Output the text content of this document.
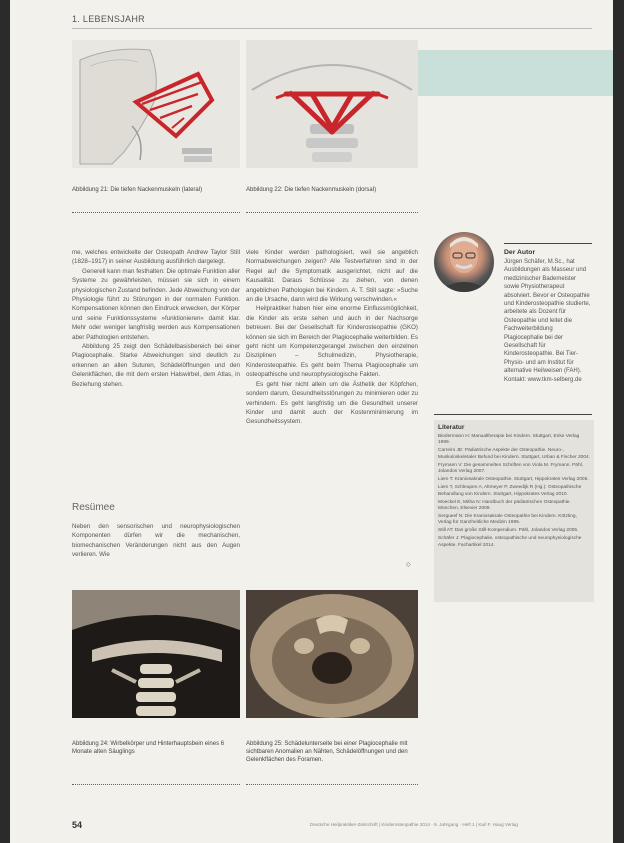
1. LEBENSJAHR
Abbildung 21: Die tiefen Nackenmuskeln (lateral)	Abbildung 22: Die tiefen Nackenmuskeln (dorsal)

me, welches entwickelte der Osteopath Andrew Taylor Still (1828–1917) in seiner Ausbildung ausführlich dargelegt.

Generell kann man festhalten: Die optimale Funktion aller Systeme zu gewährleisten, müssen sie sich in einem physiologischen Zustand befinden. Jede Abweichung von der Physiologie führt zu Störungen in der normalen Funktion. Kompensationen können den Eindruck erwecken, der Körper und seine Funktionssysteme »funktionieren« damit klar. Mehr oder weniger langfristig werden aus Kompensationen aber Pathologien entstehen.

Abbildung 25 zeigt den Schädelbasisbereich bei einer Plagiocephalie. Starke Abweichungen sind deutlich zu erkennen an allen Suturen, Schädelöffnungen und den Gelenkflächen, die mit dem ersten Halswirbel, dem Atlas, in Beziehung stehen.

Resümee
Neben den sensorischen und neurophysiologischen Komponenten dürfen wir die mechanischen, biomechanischen Veränderungen nicht aus den Augen verlieren. Wie

viele Kinder werden pathologisiert, weil sie angeblich Normabweichungen zeigen? Alle Testverfahren sind in der Regel auf die Symptomatik ausgerichtet, nicht auf die Kausalität. Daraus Schlüsse zu ziehen, von denen angeblichen Pathologien bei Kindern. A. T. Still sagte: »Suche an die Ursache, dann wird die Wirkung verschwinden.«

Heilpraktiker haben hier eine enorme Einflussmöglichkeit, die Kinder als erste sehen und auch in der Nachsorge betreuen. Bei der Gesellschaft für Kinderosteopathie (GKO) können sie sich im Bereich der Plagiocephalie weiterbilden. Es geht nicht um Kompetenzgerangel zwischen den einzelnen Disziplinen – Schulmedizin, Physiotherapie, Kinderosteopathie. Es geht beim Thema Plagiocephalie um osteopathische und neurophysiologische Fakten.

Es geht hier nicht allein um die Ästhetik der Köpfchen, sondern darum, Gesundheitsstörungen zu minimieren oder zu verhindern. Es geht langfristig um die Gesundheit unserer Kinder und damit auch der Kostenminimierung im Gesundheitssystem.

◇
Der Autor
Jürgen Schäfer, M.Sc., hat Ausbildungen als Masseur und medizinischer Bademeister sowie Physiotherapeut absolviert. Bevor er Osteopathie und Kinderosteopathie studierte, arbeitete als Dozent für Osteopathie und leitet die Fachweiterbildung Plagiocephalie bei der Gesellschaft für Kinderosteopathie. Bei Tier-Physio- und am Institut für alternative Heilweisen (FAH). Kontakt: www.tkm-selberg.de
Literatur
Biedermann H: Manualtherapie bei Kindern. Stuttgart, Enke Verlag 1999.
Carreiro JE: Pädiatrische Aspekte der Osteopathie. Neuro-, Muskuloskeletaler Befund bei Kindern. Stuttgart, Urban & Fischer 2004.
Frymann V: Die gesammelten Schriften von Viola M. Frymann. Pähl, Jolandos Verlag 2007.
Liem T: Kraniosakrale Osteopathie. Stuttgart, Hippokrates Verlag 2005.
Liem T, Schleupen A, Altmeyer P, Zweedijk R (Hg.): Osteopathische Behandlung von Kindern. Stuttgart, Hippokrates Verlag 2010.
Moeckel E, Mitha N: Handbuch der pädiatrischen Osteopathie. München, Elsevier 2009.
Sergueef N: Die Kraniosakrale Osteopathie bei Kindern. Kötzting, Verlag für Ganzheitliche Medizin 1995.
Still AT: Das große Still-Kompendium. Pähl, Jolandos Verlag 2005.
Schäfer J: Plagiocephalie, osteopathische und neurophysiologische Aspekte. Fachartikel 2014.
Abbildung 24: Wirbelkörper und Hinterhauptsbein eines 6 Monate alten Säuglings
Abbildung 25: Schädelunterseite bei einer Plagiocephalie mit sichtbaren Anomalien an Nähten, Schädelöffnungen und den Gelenkflächen des Foramen.
54	Deutsche Heilpraktiker-Zeitschrift | Kinderosteopathie 2014 · 9. Jahrgang · Heft 1 | Karl F. Haug Verlag
